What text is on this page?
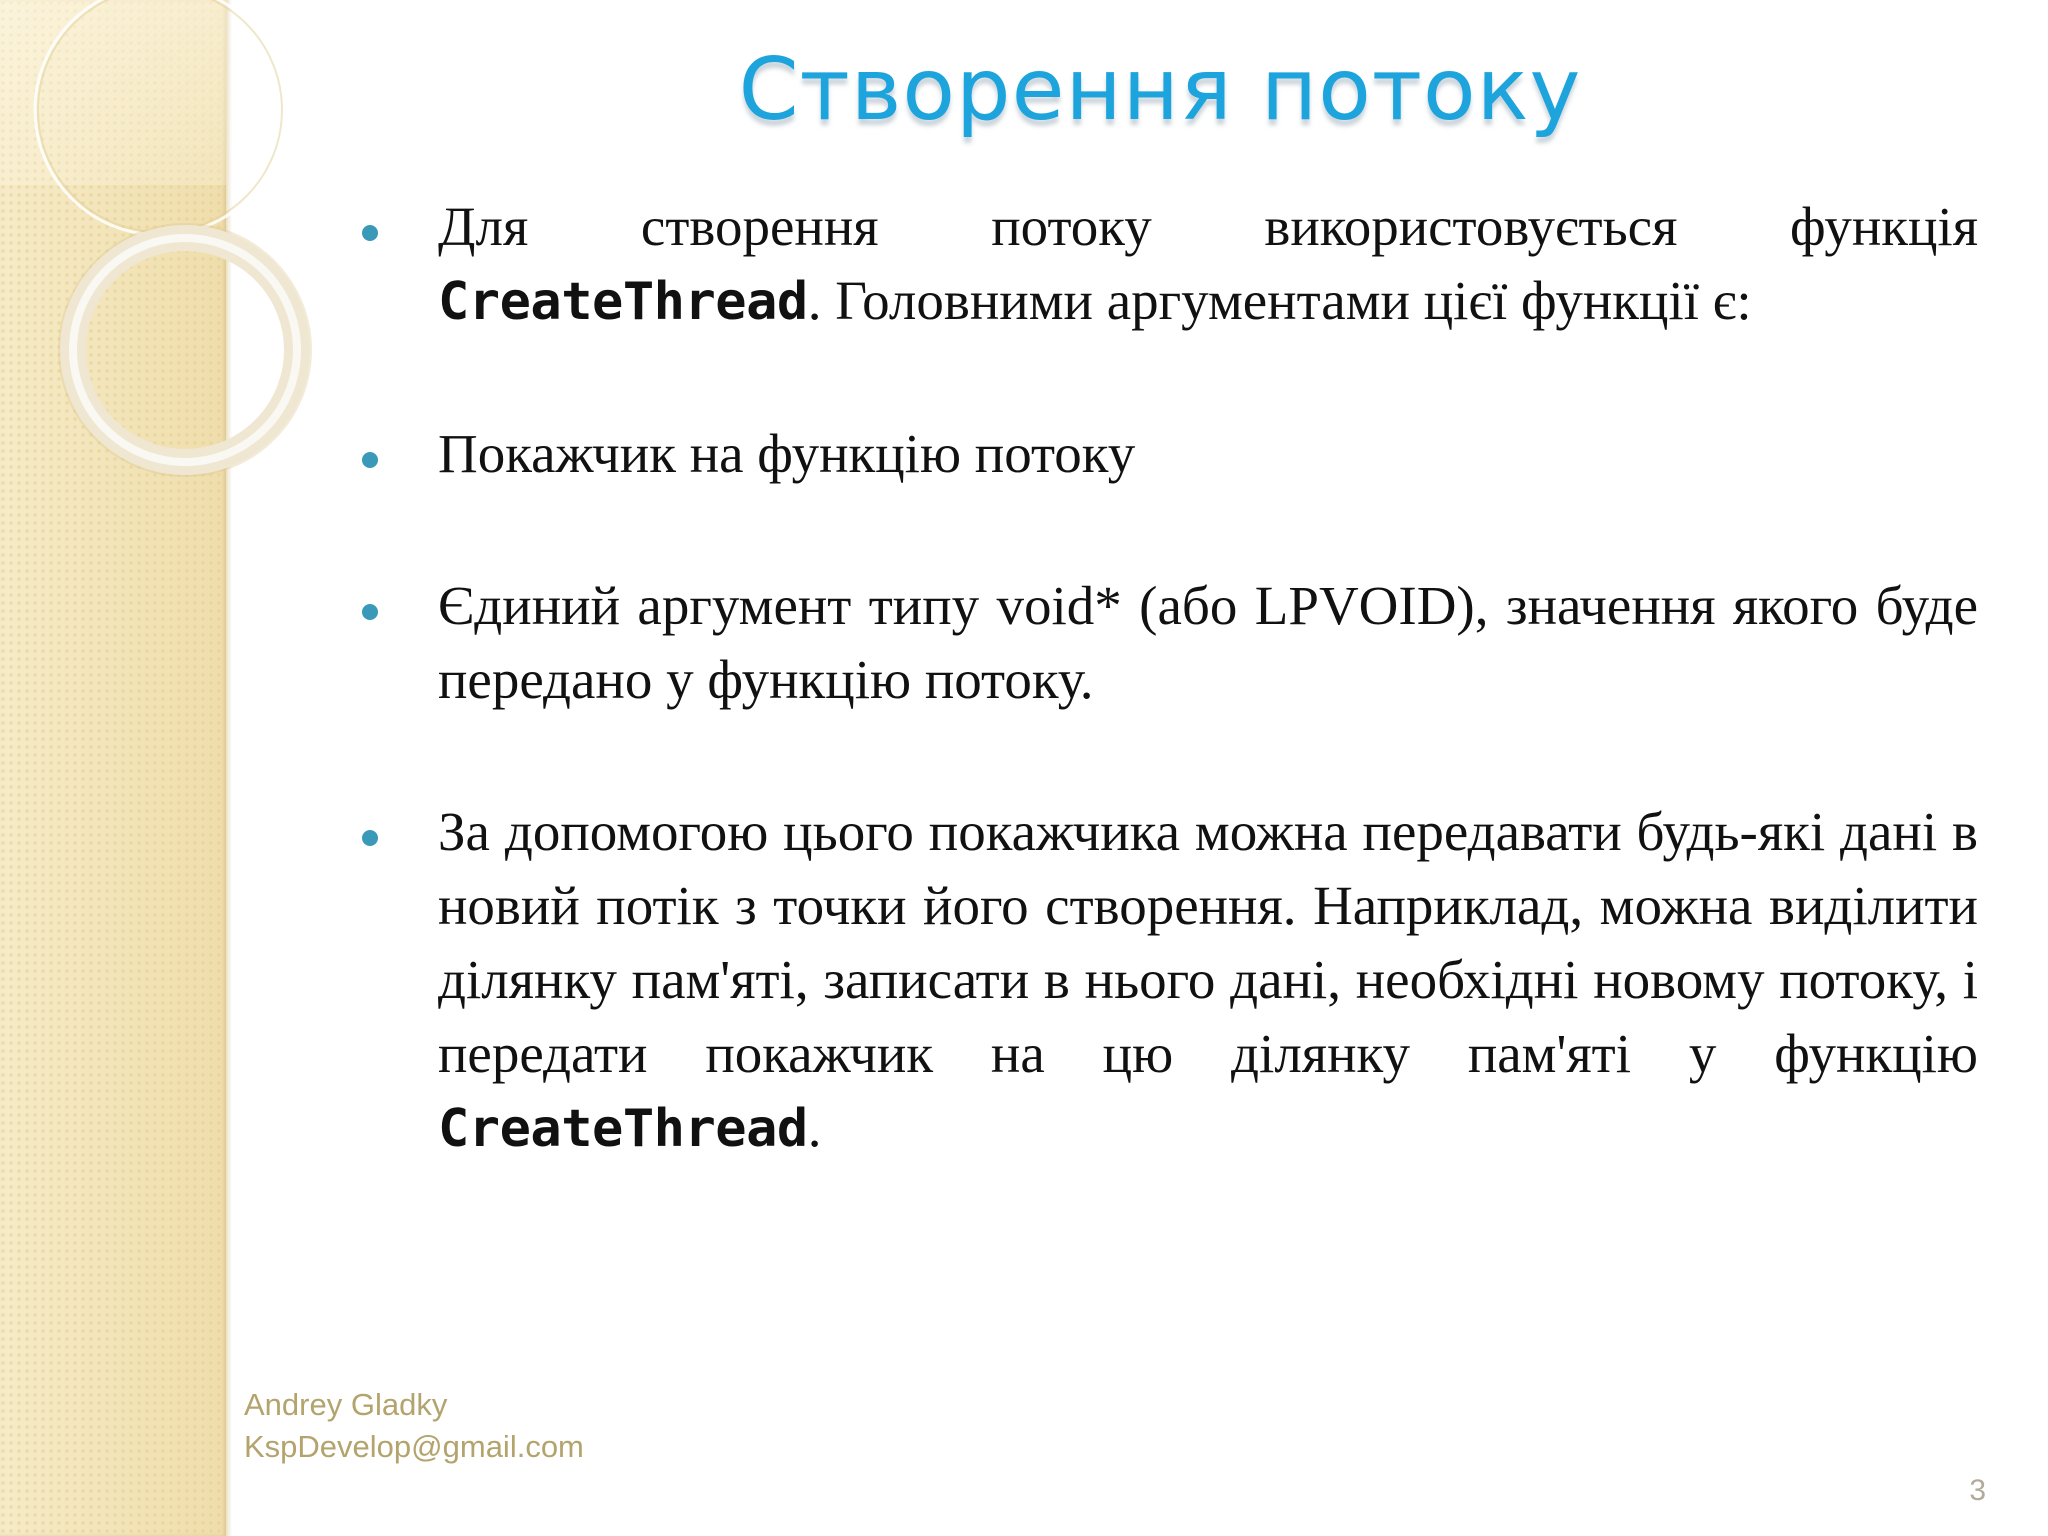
Створення потоку

Для створення потоку використовується функція CreateThread. Головними аргументами цієї функції є:

Покажчик на функцію потоку

Єдиний аргумент типу void* (або LPVOID), значення якого буде передано у функцію потоку.

За допомогою цього покажчика можна передавати будь-які дані в новий потік з точки його створення. Наприклад, можна виділити ділянку пам'яті, записати в нього дані, необхідні новому потоку, і передати покажчик на цю ділянку пам'яті у функцію CreateThread.

Andrey Gladky
KspDevelop@gmail.com
3
